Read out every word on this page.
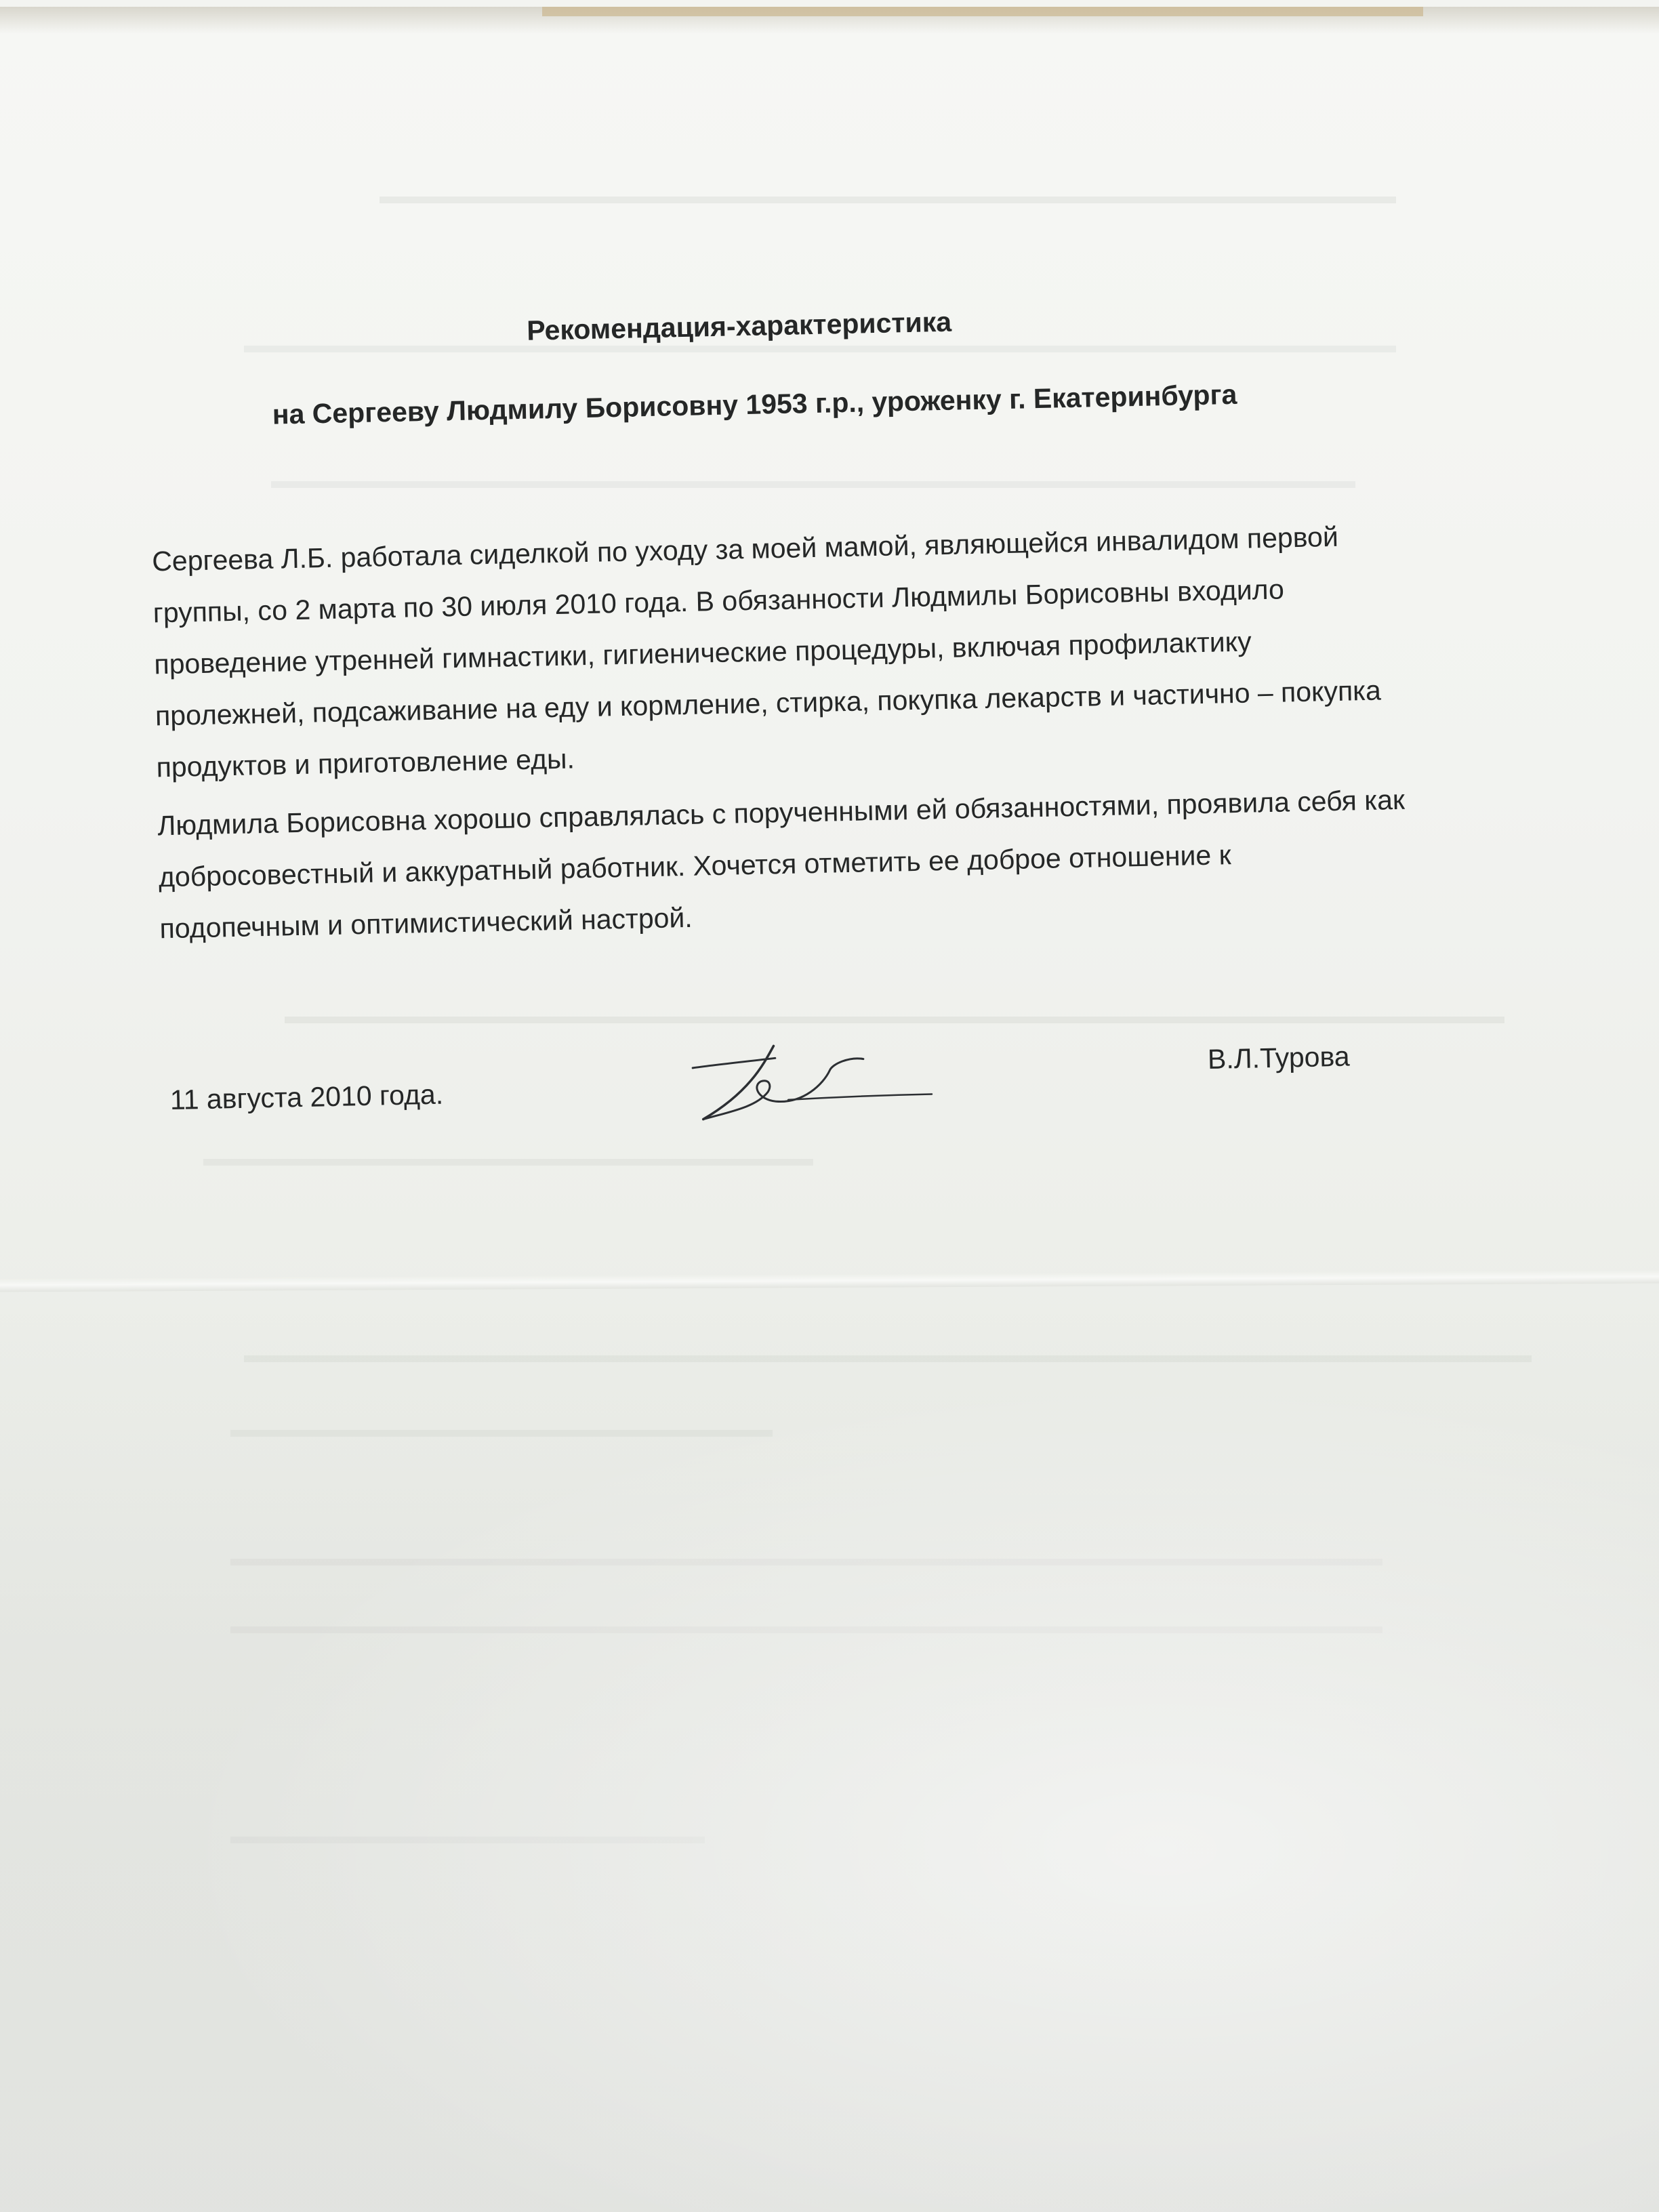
Рекомендация-характеристика
на Сергееву Людмилу Борисовну 1953 г.р., уроженку г. Екатеринбурга

Сергеева Л.Б. работала сиделкой по уходу за моей мамой, являющейся инвалидом первой
группы, со 2 марта по 30 июля 2010 года. В обязанности Людмилы Борисовны входило
проведение утренней гимнастики, гигиенические процедуры, включая профилактику
пролежней, подсаживание на еду и кормление, стирка, покупка лекарств и частично – покупка
продуктов и приготовление еды.

Людмила Борисовна хорошо справлялась с порученными ей обязанностями, проявила себя как
добросовестный и аккуратный работник. Хочется отметить ее доброе отношение к
подопечным и оптимистический настрой.

11 августа 2010 года.
В.Л.Турова
